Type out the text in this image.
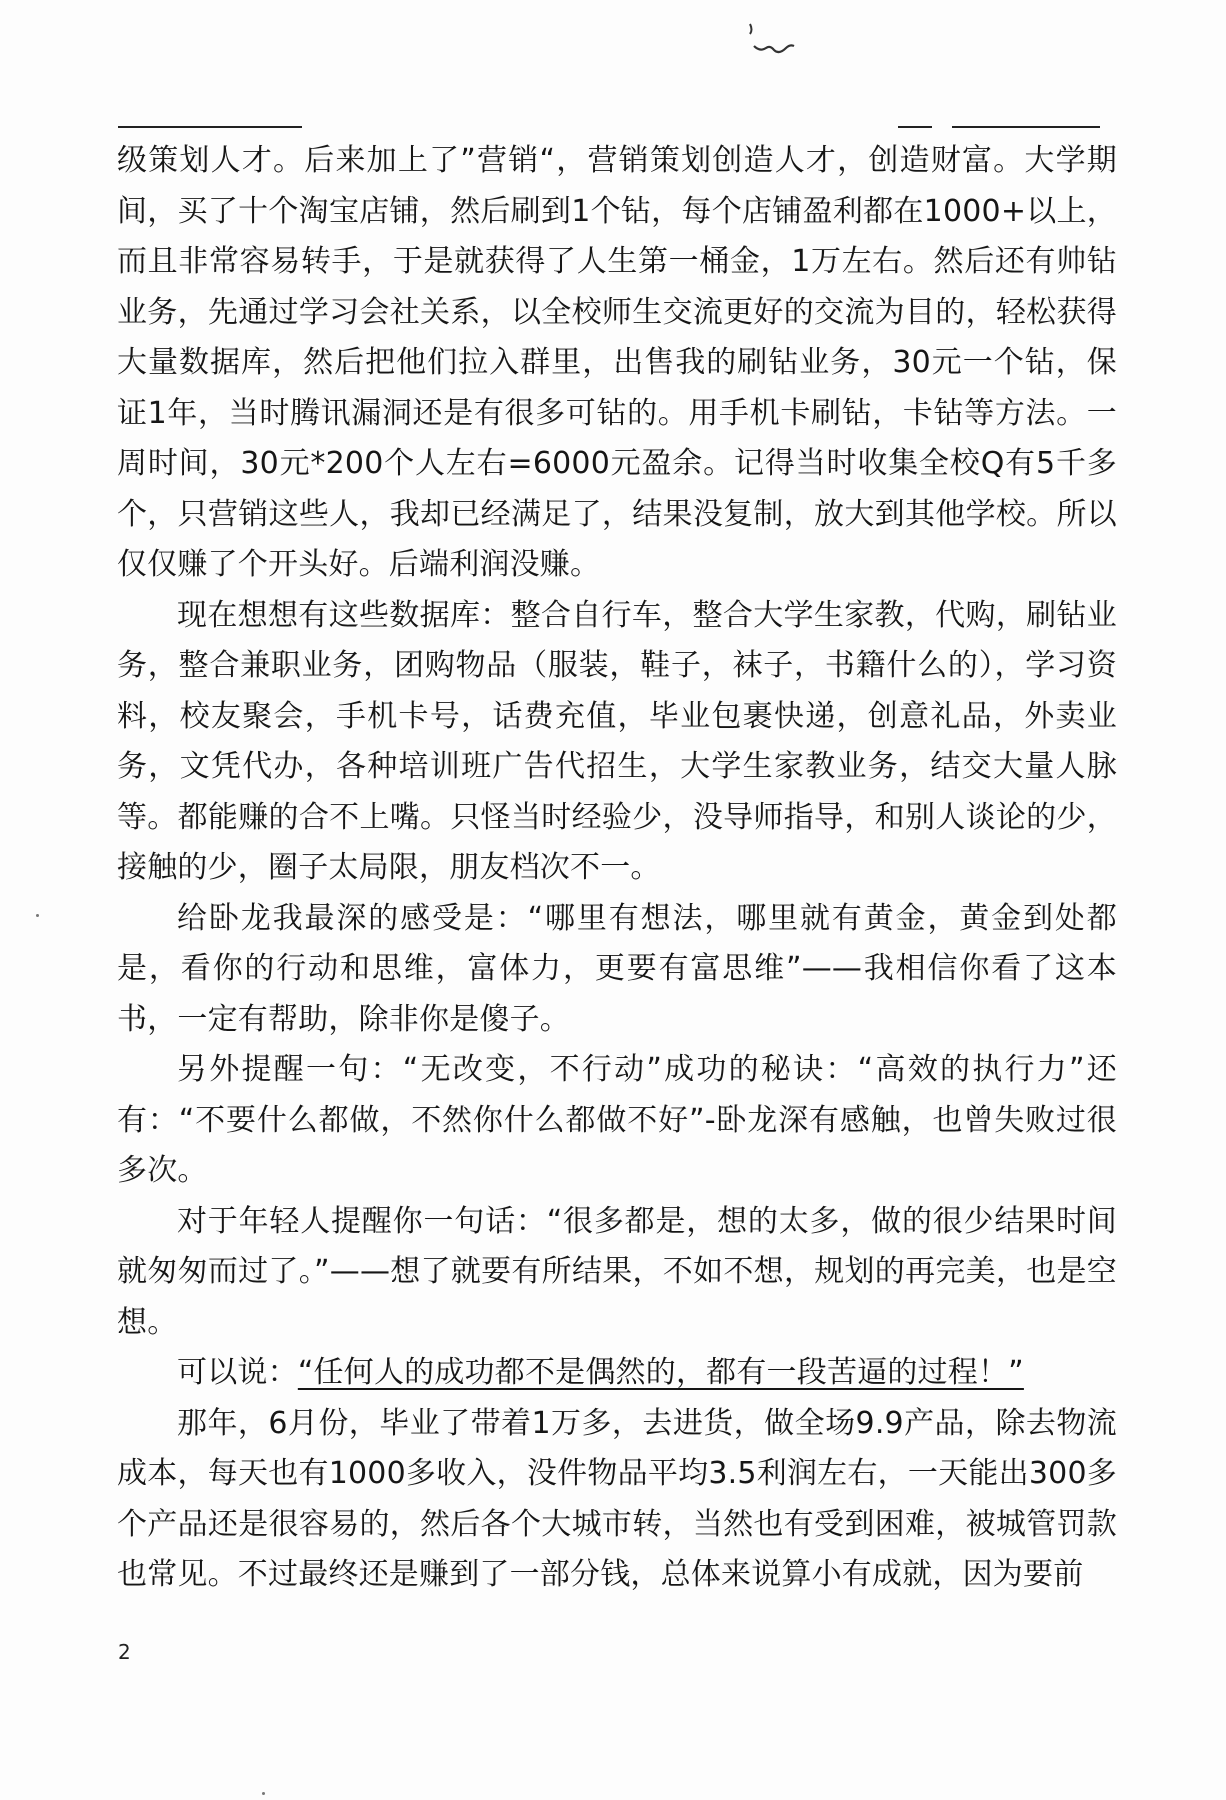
级策划人才。后来加上了”营销“，营销策划创造人才，创造财富。大学期间，买了十个淘宝店铺，然后刷到1个钻，每个店铺盈利都在1000+以上，而且非常容易转手，于是就获得了人生第一桶金，1万左右。然后还有帅钻业务，先通过学习会社关系，以全校师生交流更好的交流为目的，轻松获得大量数据库，然后把他们拉入群里，出售我的刷钻业务，30元一个钻，保证1年，当时腾讯漏洞还是有很多可钻的。用手机卡刷钻，卡钻等方法。一周时间，30元*200个人左右=6000元盈余。记得当时收集全校Q有5千多个，只营销这些人，我却已经满足了，结果没复制，放大到其他学校。所以仅仅赚了个开头好。后端利润没赚。

现在想想有这些数据库：整合自行车，整合大学生家教，代购，刷钻业务，整合兼职业务，团购物品（服装，鞋子，袜子，书籍什么的），学习资料，校友聚会，手机卡号，话费充值，毕业包裹快递，创意礼品，外卖业务，文凭代办，各种培训班广告代招生，大学生家教业务，结交大量人脉等。都能赚的合不上嘴。只怪当时经验少，没导师指导，和别人谈论的少，接触的少，圈子太局限，朋友档次不一。

给卧龙我最深的感受是：“哪里有想法，哪里就有黄金，黄金到处都是，看你的行动和思维，富体力，更要有富思维”——我相信你看了这本书，一定有帮助，除非你是傻子。

另外提醒一句：“无改变，不行动”成功的秘诀：“高效的执行力”还有：“不要什么都做，不然你什么都做不好”-卧龙深有感触，也曾失败过很多次。

对于年轻人提醒你一句话：“很多都是，想的太多，做的很少结果时间就匆匆而过了。”——想了就要有所结果，不如不想，规划的再完美，也是空想。

可以说：“任何人的成功都不是偶然的，都有一段苦逼的过程！”

那年，6月份，毕业了带着1万多，去进货，做全场9.9产品，除去物流成本，每天也有1000多收入，没件物品平均3.5利润左右，一天能出300多个产品还是很容易的，然后各个大城市转，当然也有受到困难，被城管罚款也常见。不过最终还是赚到了一部分钱，总体来说算小有成就，因为要前

2
